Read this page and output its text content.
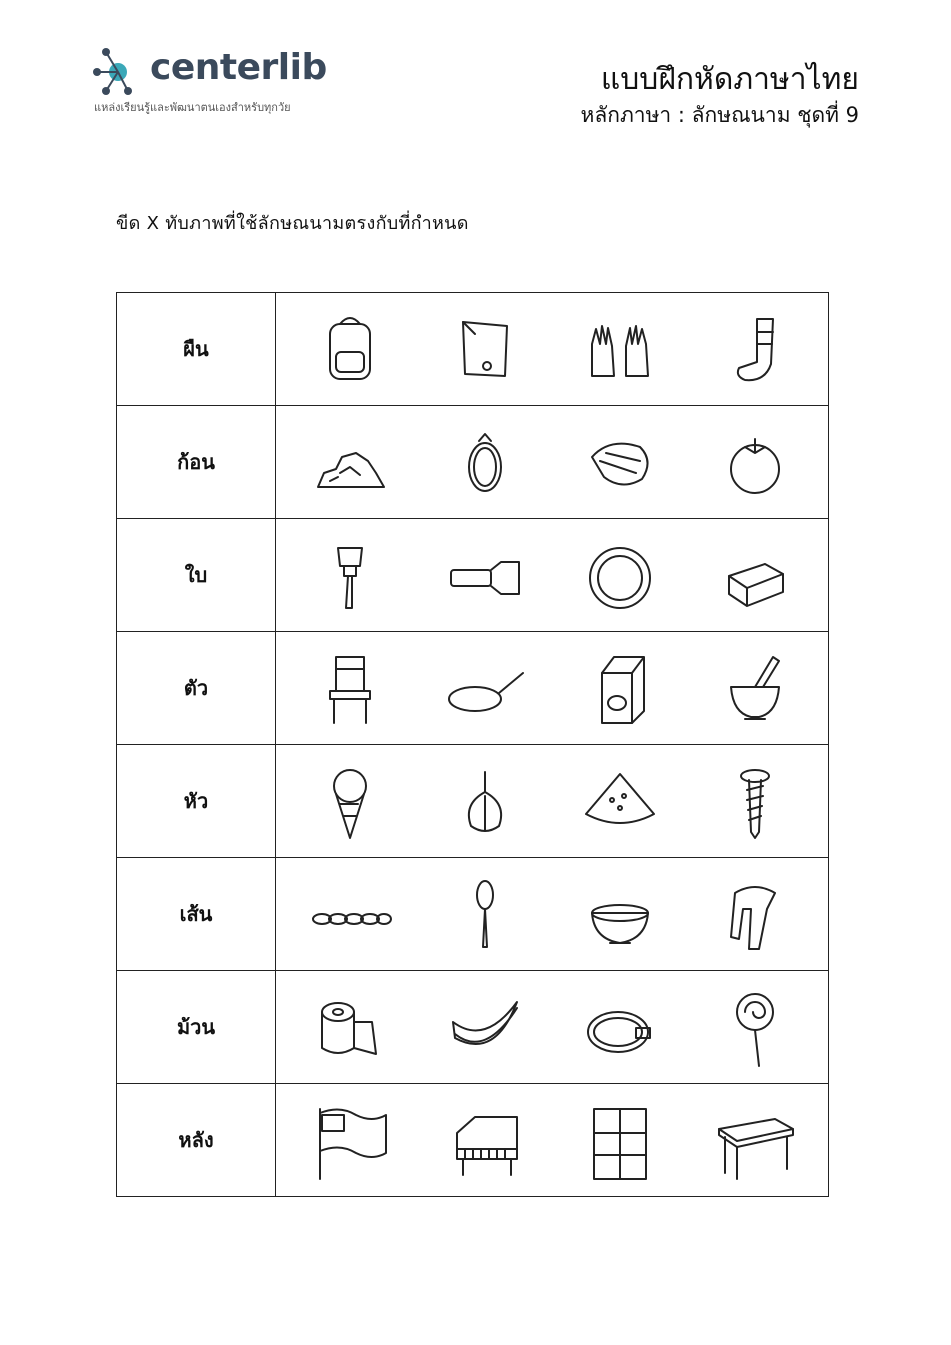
centerlib
แหล่งเรียนรู้และพัฒนาตนเองสำหรับทุกวัย
แบบฝึกหัดภาษาไทย
หลักภาษา : ลักษณนาม ชุดที่ 9
ขีด X ทับภาพที่ใช้ลักษณนามตรงกับที่กำหนด
ผืน	

ก้อน	

ใบ	

ตัว	

หัว	

เส้น	

ม้วน	

หลัง	
